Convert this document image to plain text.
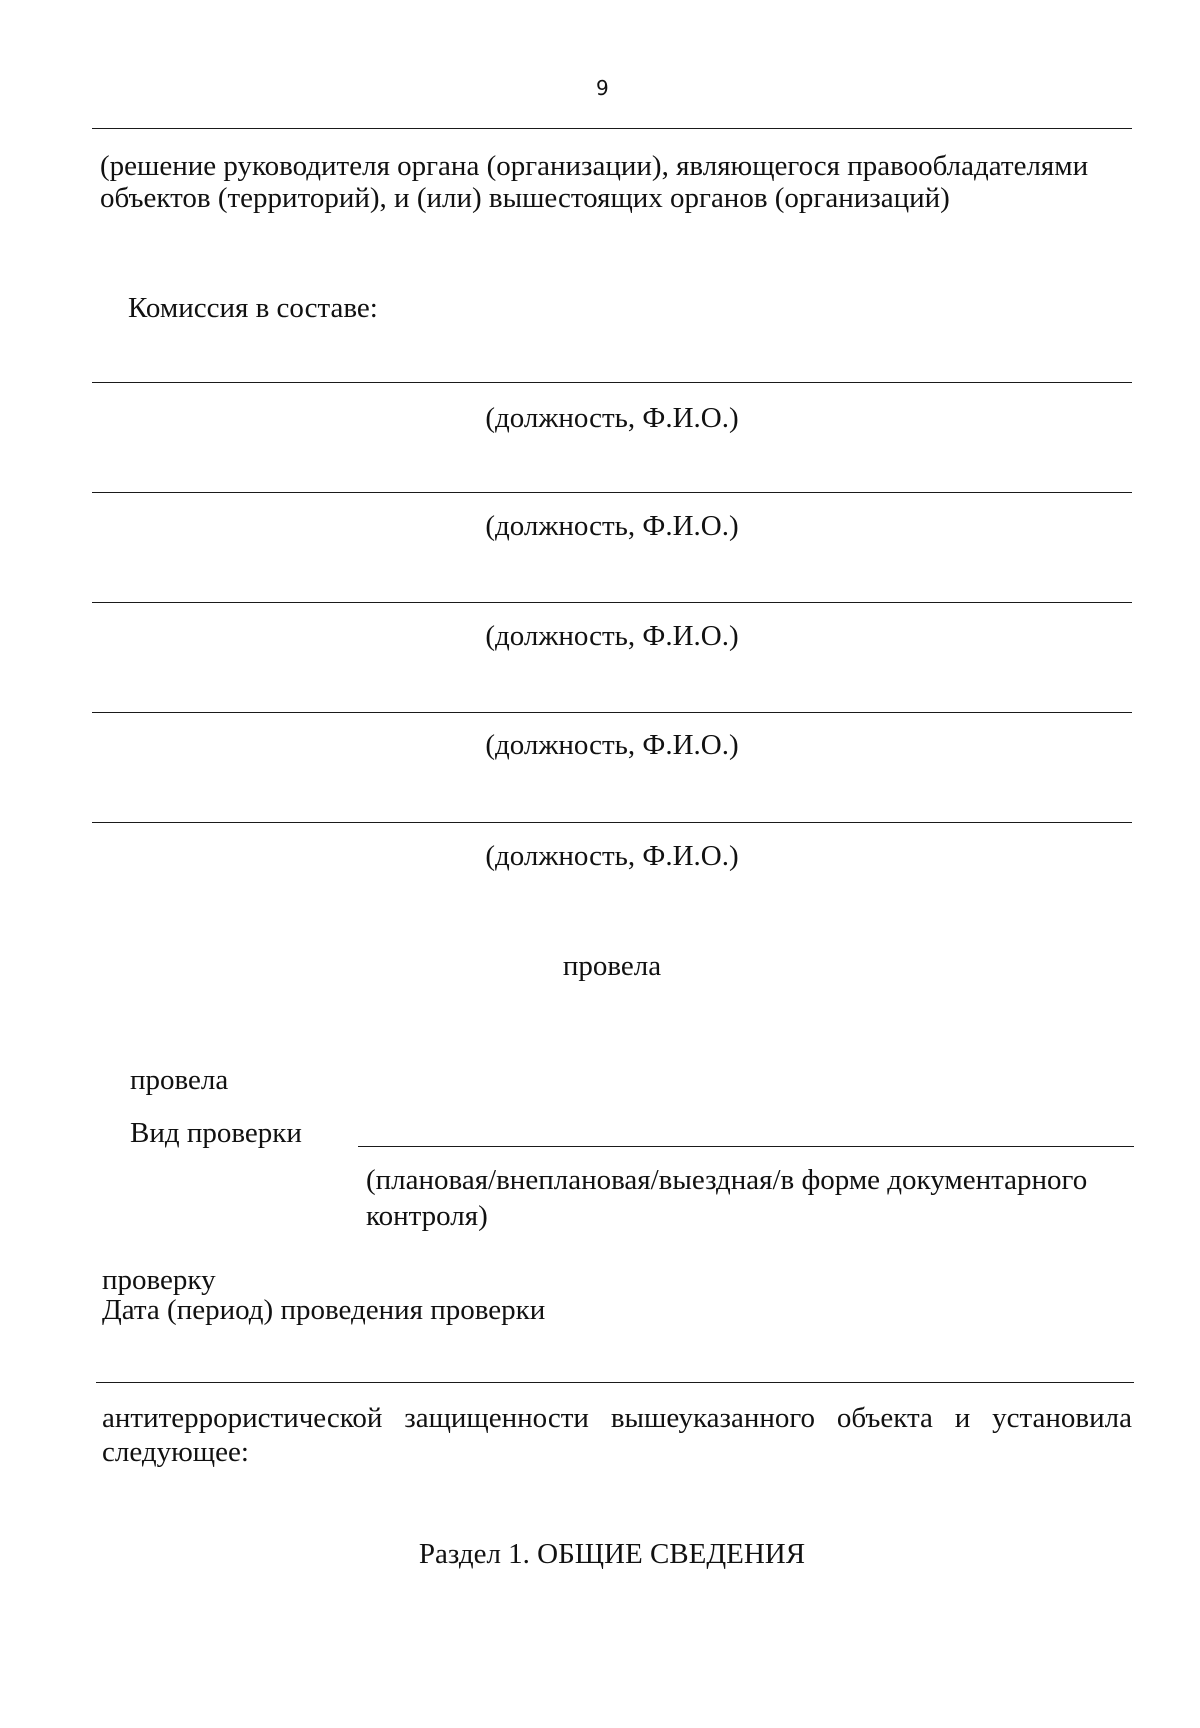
9
(решение руководителя органа (организации), являющегося правообладателями
объектов (территорий), и (или) вышестоящих органов (организаций)
Комиссия в составе:
(должность, Ф.И.О.)
(должность, Ф.И.О.)
(должность, Ф.И.О.)
(должность, Ф.И.О.)
(должность, Ф.И.О.)
провела
провела
Вид проверки
(плановая/внеплановая/выездная/в форме документарного
контроля)
проверку
Дата (период) проведения проверки
антитеррористической защищенности вышеуказанного объекта и установила
следующее:
Раздел 1. ОБЩИЕ СВЕДЕНИЯ
